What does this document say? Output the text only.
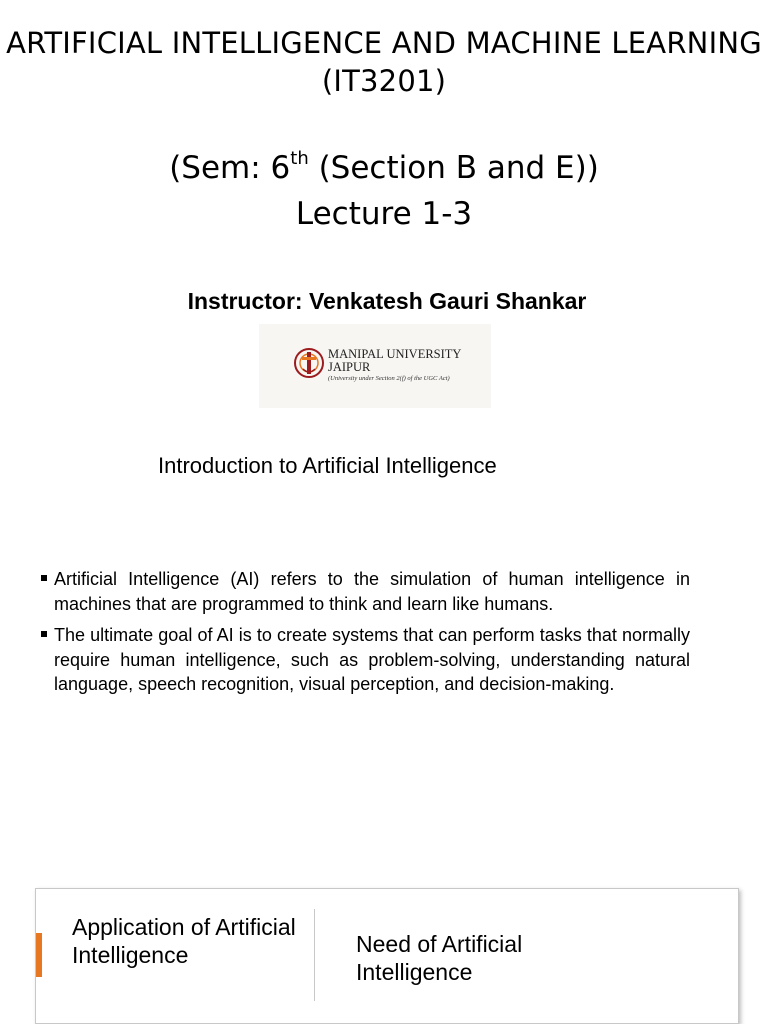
ARTIFICIAL INTELLIGENCE AND MACHINE LEARNING (IT3201)
(Sem: 6th (Section B and E))
Lecture 1-3
Instructor: Venkatesh Gauri Shankar
MANIPAL UNIVERSITY
JAIPUR
(University under Section 2(f) of the UGC Act)
Introduction to Artificial Intelligence
Artificial Intelligence (AI) refers to the simulation of human intelligence in machines that are programmed to think and learn like humans.
The ultimate goal of AI is to create systems that can perform tasks that normally require human intelligence, such as problem-solving, understanding natural language, speech recognition, visual perception, and decision-making.
Application of Artificial Intelligence	Need of Artificial Intelligence
